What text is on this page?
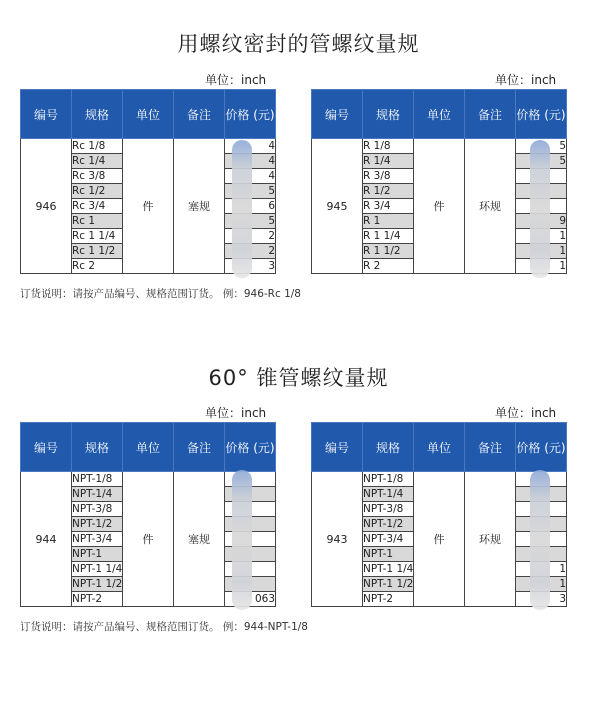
用螺纹密封的管螺纹量规
单位：inch	单位：inch
编号	规格	单位	备注	价格 (元)
946	Rc 1/8	件	塞规	4
	Rc 1/4			4
	Rc 3/8			4
	Rc 1/2			5
	Rc 3/4			6
	Rc 1			5
	Rc 1 1/4			2
	Rc 1 1/2			2
	Rc 2			3
编号	规格	单位	备注	价格 (元)
945	R 1/8	件	环规	5
	R 1/4			5
	R 3/8			
	R 1/2			
	R 3/4			
	R 1			9
	R 1 1/4			1
	R 1 1/2			1
	R 2			1
订货说明：请按产品编号、规格范围订货。 例：946-Rc 1/8
60° 锥管螺纹量规
单位：inch	单位：inch
编号	规格	单位	备注	价格 (元)
944	NPT-1/8	件	塞规	
	NPT-1/4			
	NPT-3/8			
	NPT-1/2			
	NPT-3/4			
	NPT-1			
	NPT-1 1/4			
	NPT-1 1/2			
	NPT-2			063
编号	规格	单位	备注	价格 (元)
943	NPT-1/8	件	环规	
	NPT-1/4			
	NPT-3/8			
	NPT-1/2			
	NPT-3/4			
	NPT-1			
	NPT-1 1/4			1
	NPT-1 1/2			1
	NPT-2			3
订货说明：请按产品编号、规格范围订货。 例：944-NPT-1/8
